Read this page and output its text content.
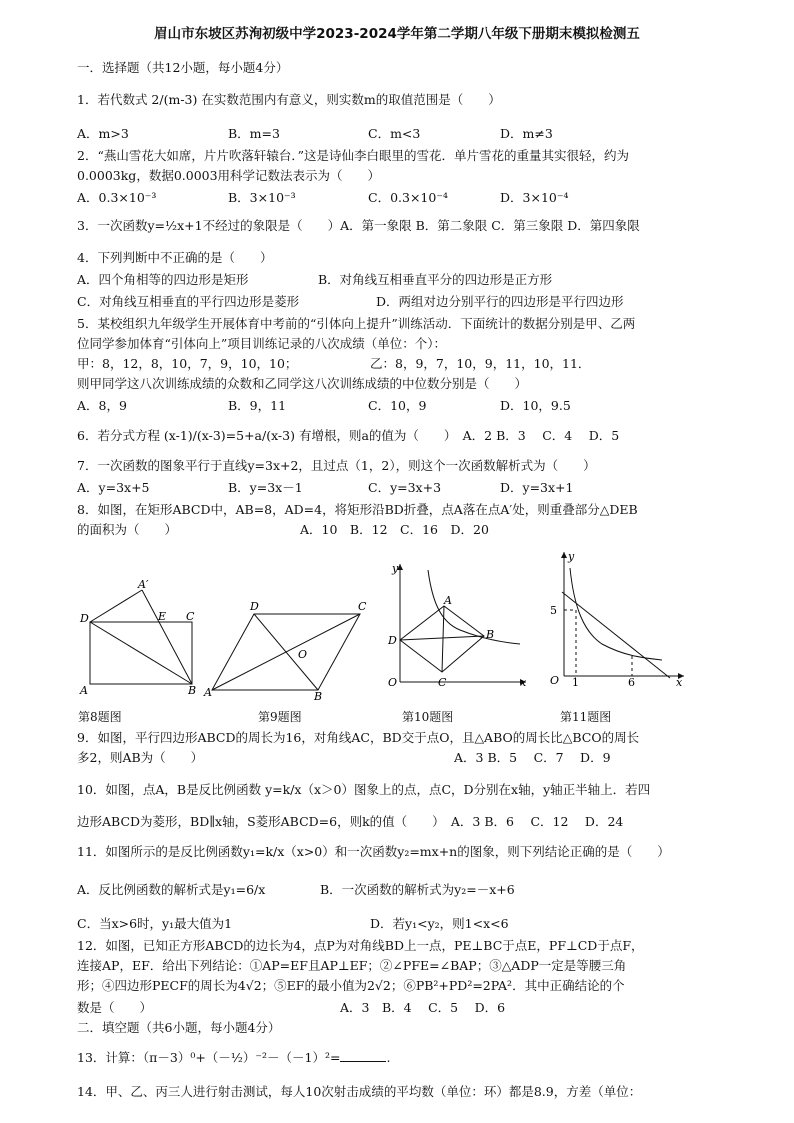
眉山市东坡区苏洵初级中学2023-2024学年第二学期八年级下册期末模拟检测五
一．选择题（共12小题，每小题4分）
1．若代数式 2/(m-3) 在实数范围内有意义，则实数m的取值范围是（　　）
A．m>3	B．m=3	C．m<3	D．m≠3
2．“燕山雪花大如席，片片吹落轩辕台．”这是诗仙李白眼里的雪花．单片雪花的重量其实很轻，约为
0.0003kg，数据0.0003用科学记数法表示为（　　）
A．0.3×10⁻³	B．3×10⁻³	C．0.3×10⁻⁴	D．3×10⁻⁴
3．一次函数y=½x+1不经过的象限是（　　）A．第一象限 B．第二象限 C．第三象限 D．第四象限
4．下列判断中不正确的是（　　）
A．四个角相等的四边形是矩形	B．对角线互相垂直平分的四边形是正方形
C．对角线互相垂直的平行四边形是菱形	D．两组对边分别平行的四边形是平行四边形
5．某校组织九年级学生开展体育中考前的“引体向上提升”训练活动．下面统计的数据分别是甲、乙两
位同学参加体育“引体向上”项目训练记录的八次成绩（单位：个）：
甲：8，12，8，10，7，9，10，10；	乙：8，9，7，10，9，11，10，11．
则甲同学这八次训练成绩的众数和乙同学这八次训练成绩的中位数分别是（　　）
A．8，9	B．9，11	C．10，9	D．10，9.5
6．若分式方程 (x-1)/(x-3)=5+a/(x-3) 有增根，则a的值为（　　）　A．2 B．3　 C．4　 D．5
7．一次函数的图象平行于直线y=3x+2，且过点（1，2），则这个一次函数解析式为（　　）
A．y=3x+5	B．y=3x－1	C．y=3x+3	D．y=3x+1
8．如图，在矩形ABCD中，AB=8，AD=4，将矩形沿BD折叠，点A落在点A′处，则重叠部分△DEB
的面积为（　　）	A．10　B．12　C．16　D．20
A′
D	E C
A	B
第8题图
D	C
O
A	B
第9题图
y
A
D	B
O	C	x
第10题图
y
5
O 1	6	x
第11题图
9．如图，平行四边形ABCD的周长为16，对角线AC，BD交于点O，且△ABO的周长比△BCO的周长
多2，则AB为（　　）	A．3 B．5　 C．7　 D．9
10．如图，点A，B是反比例函数 y=k/x（x＞0）图象上的点，点C，D分别在x轴，y轴正半轴上．若四
边形ABCD为菱形，BD∥x轴，S菱形ABCD=6，则k的值（　　）　A．3 B．6　 C．12　 D．24
11．如图所示的是反比例函数y₁=k/x（x>0）和一次函数y₂=mx+n的图象，则下列结论正确的是（　　）
A．反比例函数的解析式是y₁=6/x	B．一次函数的解析式为y₂=－x+6
C．当x>6时，y₁最大值为1	D．若y₁<y₂，则1<x<6
12．如图，已知正方形ABCD的边长为4，点P为对角线BD上一点，PE⊥BC于点E，PF⊥CD于点F，
连接AP，EF．给出下列结论：①AP=EF且AP⊥EF；②∠PFE=∠BAP；③△ADP一定是等腰三角
形；④四边形PECF的周长为4√2；⑤EF的最小值为2√2；⑥PB²+PD²=2PA²．其中正确结论的个
数是（　　）	A．3　B．4　 C．5　 D．6
二．填空题（共6小题，每小题4分）
13．计算：（π－3）⁰+（－½）⁻²－（－1）²=	.
14．甲、乙、丙三人进行射击测试，每人10次射击成绩的平均数（单位：环）都是8.9，方差（单位：
